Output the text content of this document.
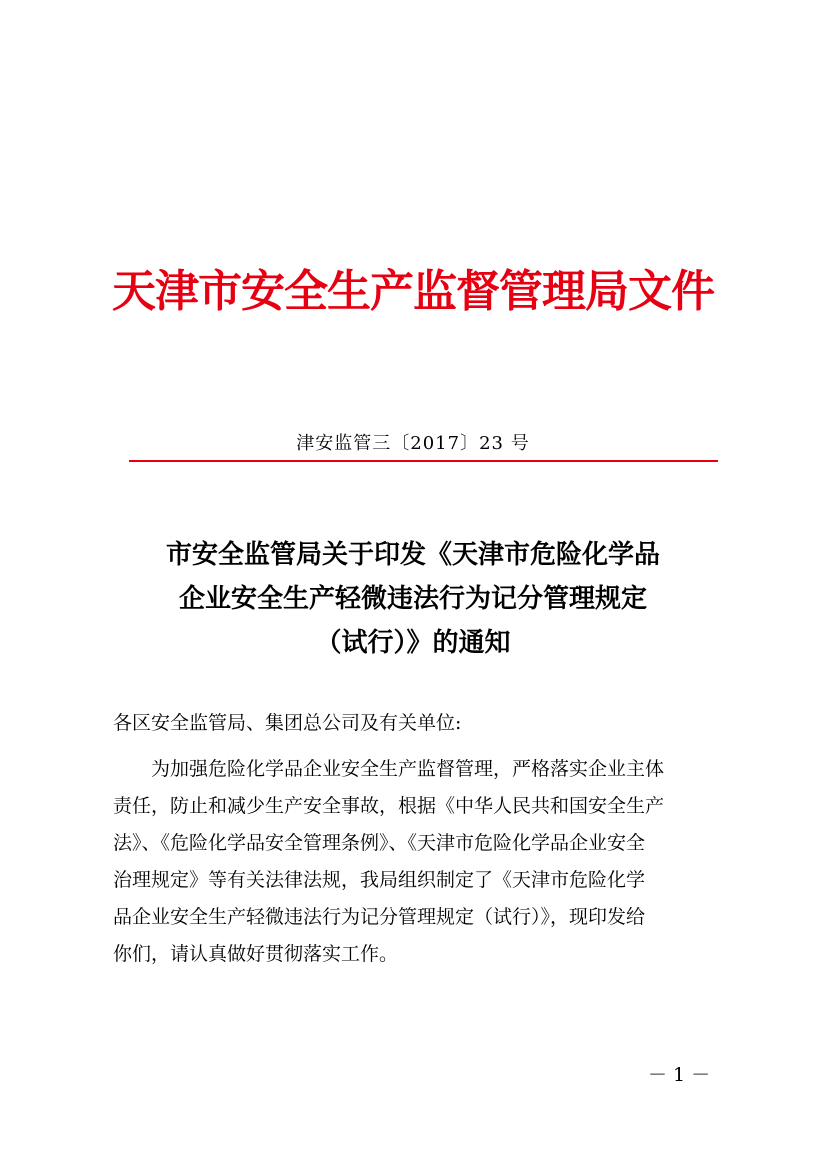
天津市安全生产监督管理局文件
津安监管三〔2017〕23 号
市安全监管局关于印发《天津市危险化学品
企业安全生产轻微违法行为记分管理规定
（试行）》的通知
各区安全监管局、集团总公司及有关单位:
为加强危险化学品企业安全生产监督管理，严格落实企业主体
责任，防止和减少生产安全事故，根据《中华人民共和国安全生产
法》、《危险化学品安全管理条例》、《天津市危险化学品企业安全
治理规定》等有关法律法规，我局组织制定了《天津市危险化学
品企业安全生产轻微违法行为记分管理规定（试行）》，现印发给
你们，请认真做好贯彻落实工作。
－ 1 －
